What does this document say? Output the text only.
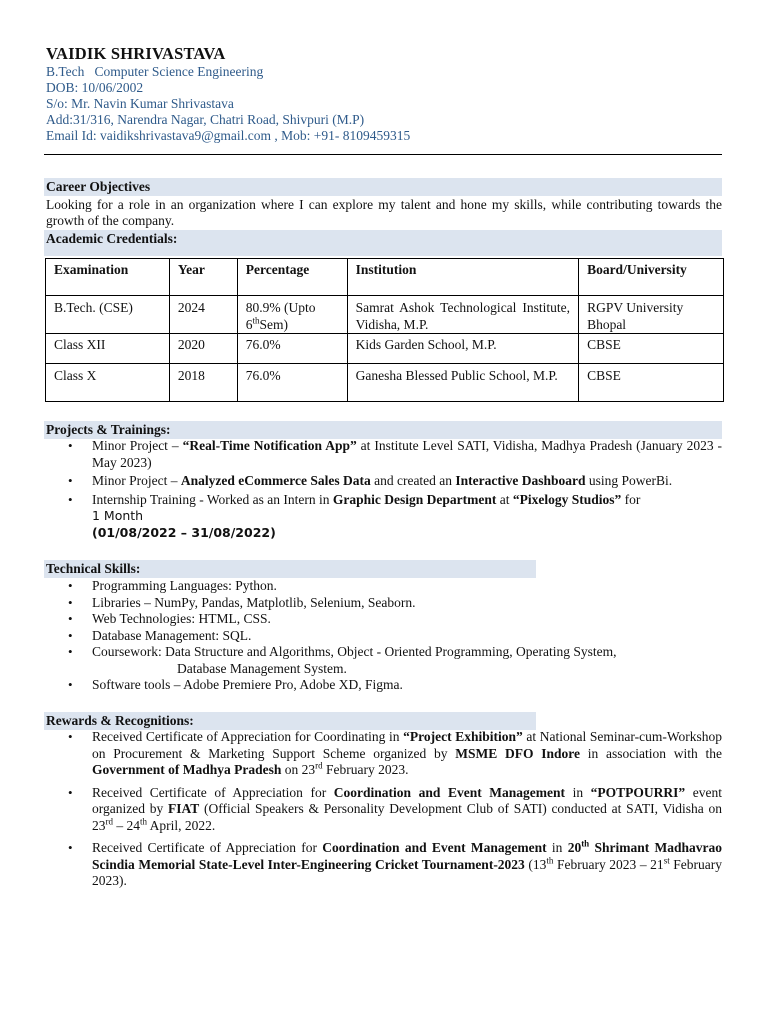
VAIDIK SHRIVASTAVA
B.Tech   Computer Science Engineering
DOB: 10/06/2002
S/o: Mr. Navin Kumar Shrivastava
Add:31/316, Narendra Nagar, Chatri Road, Shivpuri (M.P)
Email Id: vaidikshrivastava9@gmail.com , Mob: +91- 8109459315
Career Objectives
Looking for a role in an organization where I can explore my talent and hone my skills, while contributing towards the growth of the company.
Academic Credentials:
Examination	Year	Percentage	Institution	Board/University
B.Tech. (CSE)	2024	80.9% (Upto 6thSem)	Samrat Ashok Technological Institute, Vidisha, M.P.	RGPV University Bhopal
Class XII	2020	76.0%	Kids Garden School, M.P.	CBSE
Class X	2018	76.0%	Ganesha Blessed Public School, M.P.	CBSE
Projects & Trainings:
• Minor Project – “Real-Time Notification App” at Institute Level SATI, Vidisha, Madhya Pradesh (January 2023 - May 2023)
• Minor Project – Analyzed eCommerce Sales Data and created an Interactive Dashboard using PowerBi.
• Internship Training - Worked as an Intern in Graphic Design Department at “Pixelogy Studios” for
1 Month
(01/08/2022 – 31/08/2022)
Technical Skills:
• Programming Languages: Python.
• Libraries – NumPy, Pandas, Matplotlib, Selenium, Seaborn.
• Web Technologies: HTML, CSS.
• Database Management: SQL.
• Coursework: Data Structure and Algorithms, Object - Oriented Programming, Operating System,
Database Management System.
• Software tools – Adobe Premiere Pro, Adobe XD, Figma.
Rewards & Recognitions:
• Received Certificate of Appreciation for Coordinating in “Project Exhibition” at National Seminar-cum-Workshop on Procurement & Marketing Support Scheme organized by MSME DFO Indore in association with the Government of Madhya Pradesh on 23rd February 2023.
• Received Certificate of Appreciation for Coordination and Event Management in “POTPOURRI” event organized by FIAT (Official Speakers & Personality Development Club of SATI) conducted at SATI, Vidisha on 23rd – 24th April, 2022.
• Received Certificate of Appreciation for Coordination and Event Management in 20th Shrimant Madhavrao Scindia Memorial State-Level Inter-Engineering Cricket Tournament-2023 (13th February 2023 – 21st February 2023).
